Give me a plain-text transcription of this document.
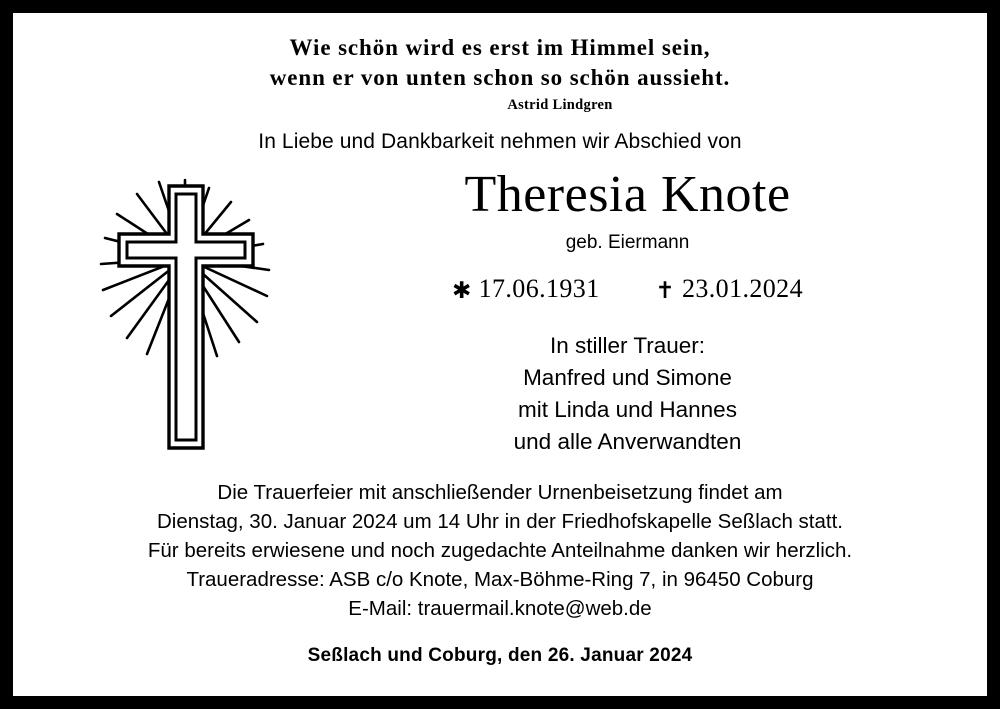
Wie schön wird es erst im Himmel sein,
wenn er von unten schon so schön aussieht.
Astrid Lindgren
In Liebe und Dankbarkeit nehmen wir Abschied von
Theresia Knote
geb. Eiermann
✱ 17.06.1931 ✝ 23.01.2024
In stiller Trauer:
Manfred und Simone
mit Linda und Hannes
und alle Anverwandten
Die Trauerfeier mit anschließender Urnenbeisetzung findet am
Dienstag, 30. Januar 2024 um 14 Uhr in der Friedhofskapelle Seßlach statt.
Für bereits erwiesene und noch zugedachte Anteilnahme danken wir herzlich.
Traueradresse: ASB c/o Knote, Max-Böhme-Ring 7, in 96450 Coburg
E-Mail: trauermail.knote@web.de
Seßlach und Coburg, den 26. Januar 2024
